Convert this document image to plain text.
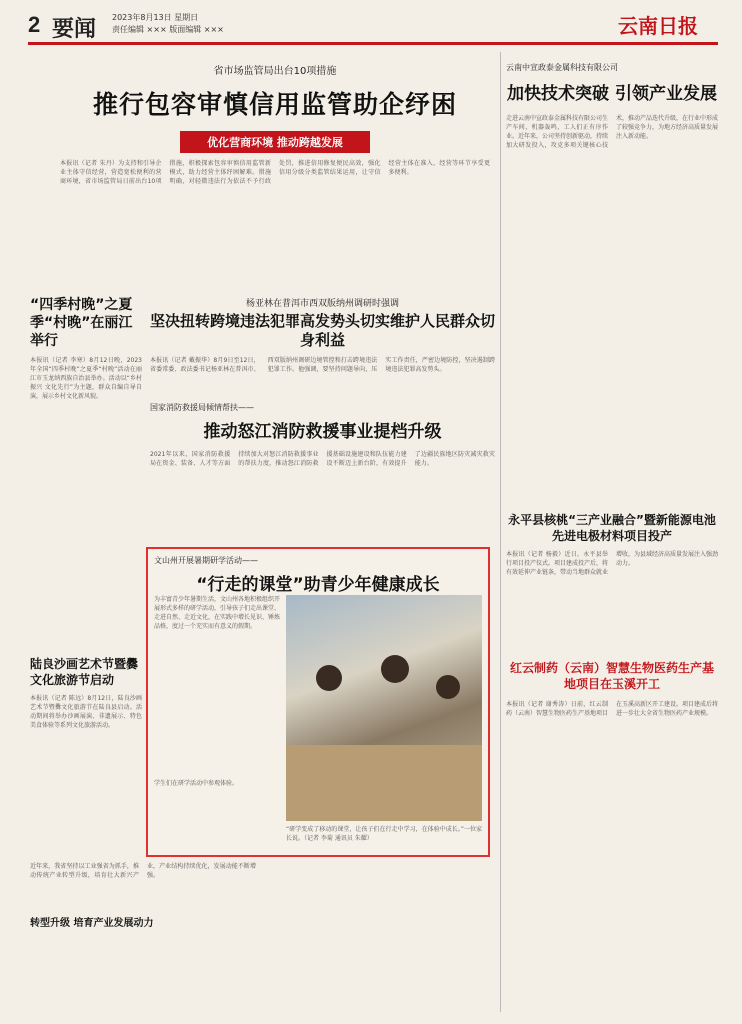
2 要闻 2023年8月13日 星期日
责任编辑 ××× 版面编辑 ×××	云南日报
省市场监管局出台10项措施
推行包容审慎信用监管助企纾困
优化营商环境 推动跨越发展
本报讯（记者 朱丹）为支持和引导企业主体守信经营，营造宽松便利的营商环境，省市场监管局日前出台10项措施，积极探索包容审慎信用监管新模式，助力经营主体纾困解难。措施明确，对轻微违法行为依法不予行政处罚，推进信用修复便民高效，强化信用分级分类监管结果运用，让守信经营主体在准入、经营等环节享受更多便利。
“四季村晚”之夏季“村晚”在丽江举行
本报讯（记者 李寒）8月12日晚，2023年全国“四季村晚”之夏季“村晚”活动在丽江市玉龙纳西族自治县举办。活动以“乡村振兴 文化先行”为主题，群众自编自导自演，展示乡村文化新风貌。
陆良沙画艺术节暨爨文化旅游节启动
本报讯（记者 陈远）8月12日，陆良沙画艺术节暨爨文化旅游节在陆良县启动。活动期间将举办沙画展演、非遗展示、特色美食体验等系列文化旅游活动。
杨亚林在普洱市西双版纳州调研时强调
坚决扭转跨境违法犯罪高发势头切实维护人民群众切身利益
本报讯（记者 戴振华）8月9日至12日，省委常委、政法委书记杨亚林在普洱市、西双版纳州调研边境管控和打击跨境违法犯罪工作。他强调，要坚持问题导向，压实工作责任，严密边境防控，坚决遏制跨境违法犯罪高发势头。
国家消防救援局倾情帮扶——
推动怒江消防救援事业提档升级
2021年以来，国家消防救援局在资金、装备、人才等方面持续加大对怒江消防救援事业的帮扶力度，推动怒江消防救援基础设施建设和队伍能力建设不断迈上新台阶，有效提升了边疆民族地区防灾减灾救灾能力。
文山州开展暑期研学活动——
“行走的课堂”助青少年健康成长
为丰富青少年暑期生活，文山州各地积极组织开展形式多样的研学活动，引导孩子们走出课堂、走进自然、走近文化，在实践中增长见识、锤炼品格，度过一个充实而有意义的假期。
学生们在研学活动中参观体验。
“研学变成了移动的课堂，让孩子们在行走中学习，在体验中成长。”一位家长说。（记者 李菊 通讯员 朱耀）
近年来，我省坚持以工业强省为抓手，推动传统产业转型升级，培育壮大新兴产业，产业结构持续优化，发展动能不断增强。
转型升级 培育产业发展动力
云南中宣政泰金属科技有限公司
加快技术突破 引领产业发展
走进云南中宣政泰金属科技有限公司生产车间，机器轰鸣，工人们正有序作业。近年来，公司坚持创新驱动，持续加大研发投入，攻克多项关键核心技术，推动产品迭代升级，在行业中形成了较强竞争力，为地方经济高质量发展注入新动能。
永平县核桃“三产业融合”暨新能源电池先进电极材料项目投产
本报讯（记者 杨毅）近日，永平县举行项目投产仪式。项目建成投产后，将有效延伸产业链条，带动当地群众就业增收，为县域经济高质量发展注入强劲动力。
红云制药（云南）智慧生物医药生产基地项目在玉溪开工
本报讯（记者 谢秀涛）日前，红云制药（云南）智慧生物医药生产基地项目在玉溪高新区开工建设。项目建成后将进一步壮大全省生物医药产业规模。
